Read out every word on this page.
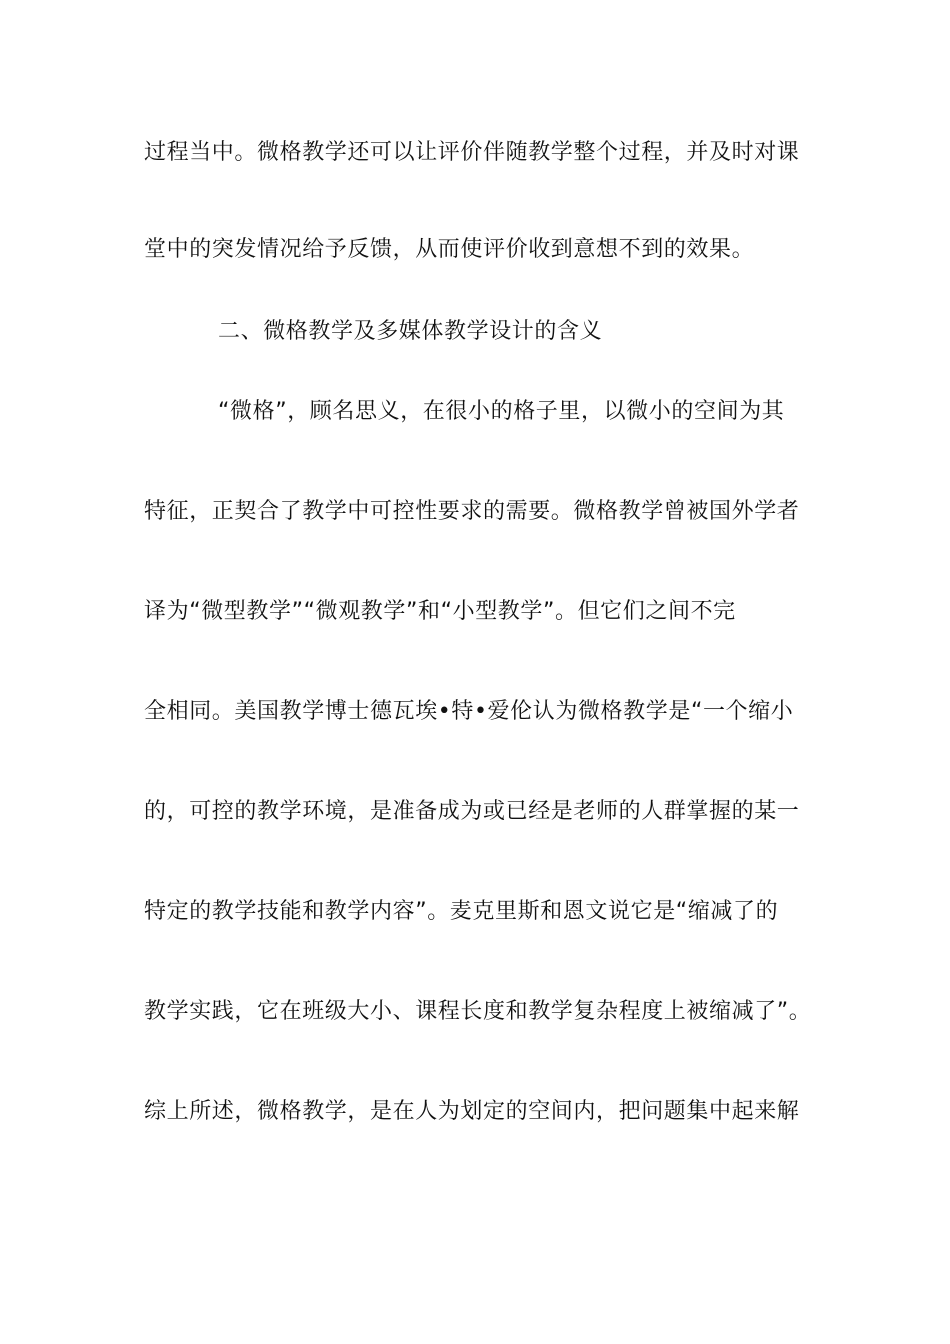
过程当中。微格教学还可以让评价伴随教学整个过程，并及时对课
堂中的突发情况给予反馈，从而使评价收到意想不到的效果。
二、微格教学及多媒体教学设计的含义
“微格”，顾名思义，在很小的格子里，以微小的空间为其
特征，正契合了教学中可控性要求的需要。微格教学曾被国外学者
译为“微型教学”“微观教学”和“小型教学”。但它们之间不完
全相同。美国教学博士德瓦埃•特•爱伦认为微格教学是“一个缩小
的，可控的教学环境，是准备成为或已经是老师的人群掌握的某一
特定的教学技能和教学内容”。麦克里斯和恩文说它是“缩减了的
教学实践，它在班级大小、课程长度和教学复杂程度上被缩减了”。
综上所述，微格教学，是在人为划定的空间内，把问题集中起来解
